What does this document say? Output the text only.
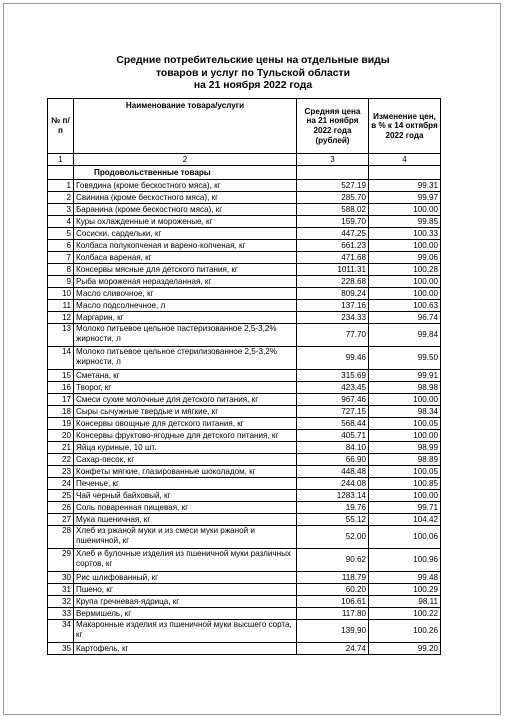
Средние потребительские цены на отдельные виды
товаров и услуг по Тульской области
на 21 ноября 2022 года
№ п/п	Наименование товара/услуги	Средняя цена на 21 ноября 2022 года (рублей)	Изменение цен, в % к 14 октября 2022 года
1	2	3	4
	Продовольственные товары		
1	Говядина (кроме бескостного мяса), кг	527.19	99.31
2	Свинина (кроме бескостного мяса), кг	285.70	99.97
3	Баранина (кроме бескостного мяса), кг	588.02	100.00
4	Куры охлажденные и мороженые, кг	159.70	99.85
5	Сосиски, сардельки, кг	447.25	100.33
6	Колбаса полукопченая и варено-копченая, кг	661.23	100.00
7	Колбаса вареная, кг	471.68	99.06
8	Консервы мясные для детского питания, кг	1011.31	100.28
9	Рыба мороженая неразделанная, кг	228.68	100.00
10	Масло сливочное, кг	809.24	100.00
11	Масло подсолнечное, л	137.16	100.63
12	Маргарин, кг	234.33	96.74
13	Молоко питьевое цельное пастеризованное 2,5-3,2% жирности, л	77.70	99.84
14	Молоко питьевое цельное стерилизованное 2,5-3,2% жирности, л	99.46	99.50
15	Сметана, кг	315.69	99.91
16	Творог, кг	423.45	98.98
17	Смеси сухие молочные для детского питания, кг	967.46	100.00
18	Сыры сычужные твердые и мягкие, кг	727.15	98.34
19	Консервы овощные для детского питания, кг	568.44	100.05
20	Консервы фруктово-ягодные для детского питания, кг	405.71	100.00
21	Яйца куриные, 10 шт.	84.10	98.99
22	Сахар-песок, кг	66.90	98.89
23	Конфеты мягкие, глазированные шоколадом, кг	448.48	100.05
24	Печенье, кг	244.08	100.85
25	Чай черный байховый, кг	1283.14	100.00
26	Соль поваренная пищевая, кг	19.76	99.71
27	Мука пшеничная, кг	55.12	104.42
28	Хлеб из ржаной муки и из смеси муки ржаной и пшеничной, кг	52.00	100.06
29	Хлеб и булочные изделия из пшеничной муки различных сортов, кг	90.62	100.96
30	Рис шлифованный, кг	118.79	99.48
31	Пшено, кг	60.20	100.29
32	Крупа гречневая-ядрица, кг	106.61	98.11
33	Вермишель, кг	117.80	100.22
34	Макаронные изделия из пшеничной муки высшего сорта, кг	139.90	100.26
35	Картофель, кг	24.74	99.20
